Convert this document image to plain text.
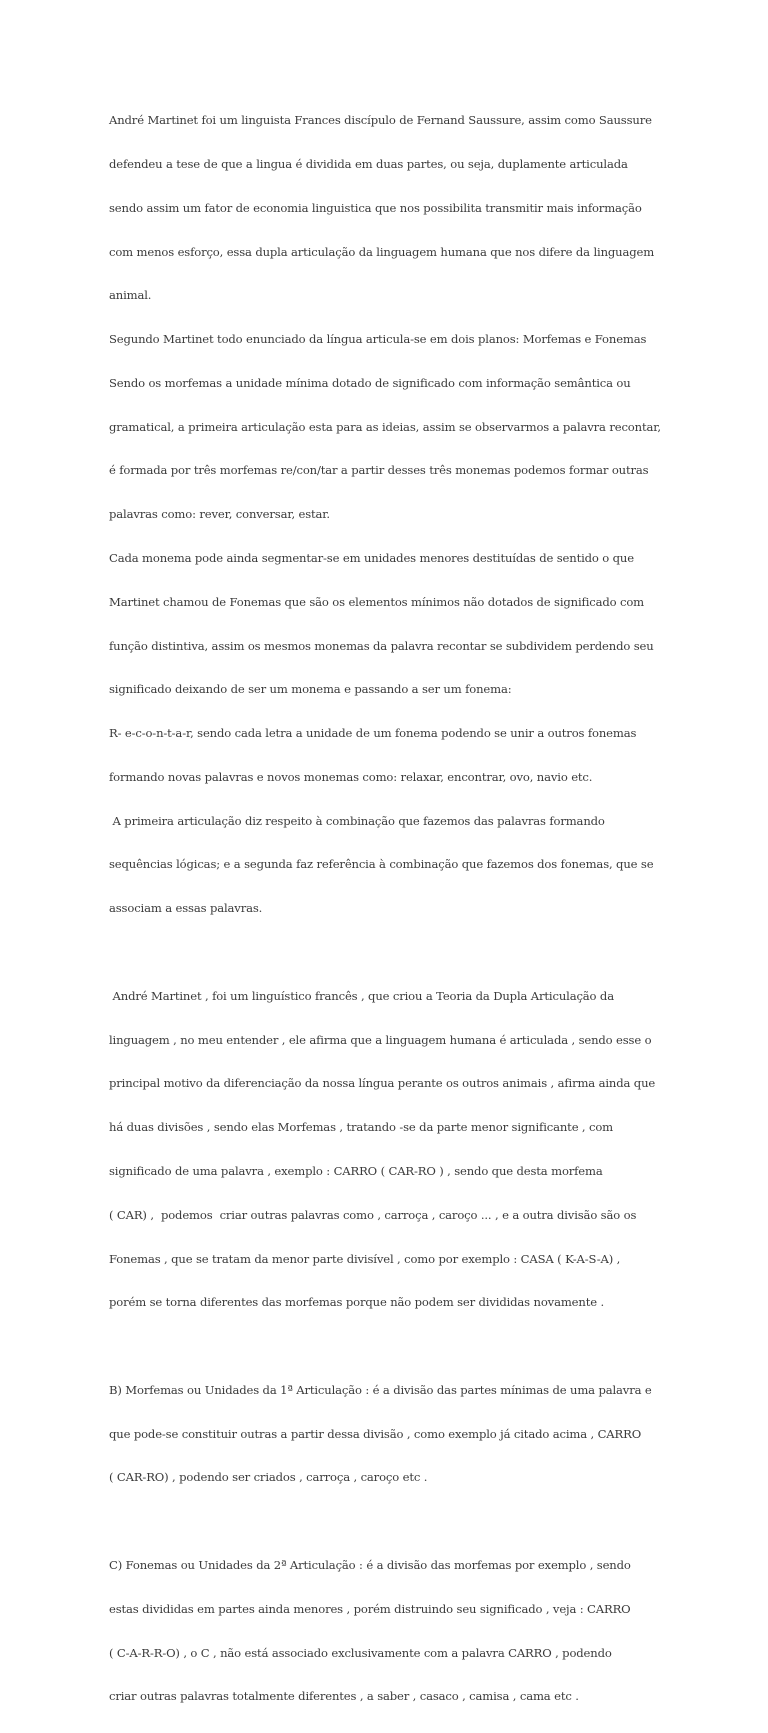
André Martinet foi um linguista Frances discípulo de Fernand Saussure, assim como Saussure

defendeu a tese de que a lingua é dividida em duas partes, ou seja, duplamente articulada

sendo assim um fator de economia linguistica que nos possibilita transmitir mais informação

com menos esforço, essa dupla articulação da linguagem humana que nos difere da linguagem

animal.

Segundo Martinet todo enunciado da língua articula-se em dois planos: Morfemas e Fonemas

Sendo os morfemas a unidade mínima dotado de significado com informação semântica ou

gramatical, a primeira articulação esta para as ideias, assim se observarmos a palavra recontar,

é formada por três morfemas re/con/tar a partir desses três monemas podemos formar outras

palavras como: rever, conversar, estar.

Cada monema pode ainda segmentar-se em unidades menores destituídas de sentido o que

Martinet chamou de Fonemas que são os elementos mínimos não dotados de significado com

função distintiva, assim os mesmos monemas da palavra recontar se subdividem perdendo seu

significado deixando de ser um monema e passando a ser um fonema:

R- e-c-o-n-t-a-r, sendo cada letra a unidade de um fonema podendo se unir a outros fonemas

formando novas palavras e novos monemas como: relaxar, encontrar, ovo, navio etc.

A primeira articulação diz respeito à combinação que fazemos das palavras formando

sequências lógicas; e a segunda faz referência à combinação que fazemos dos fonemas, que se

associam a essas palavras.

André Martinet , foi um linguístico francês , que criou a Teoria da Dupla Articulação da

linguagem , no meu entender , ele afirma que a linguagem humana é articulada , sendo esse o

principal motivo da diferenciação da nossa língua perante os outros animais , afirma ainda que

há duas divisões , sendo elas Morfemas , tratando -se da parte menor significante , com

significado de uma palavra , exemplo : CARRO ( CAR-RO ) , sendo que desta morfema

( CAR) ,  podemos  criar outras palavras como , carroça , caroço ... , e a outra divisão são os

Fonemas , que se tratam da menor parte divisível , como por exemplo : CASA ( K-A-S-A) ,

porém se torna diferentes das morfemas porque não podem ser divididas novamente .

B) Morfemas ou Unidades da 1ª Articulação : é a divisão das partes mínimas de uma palavra e

que pode-se constituir outras a partir dessa divisão , como exemplo já citado acima , CARRO

( CAR-RO) , podendo ser criados , carroça , caroço etc .

C) Fonemas ou Unidades da 2ª Articulação : é a divisão das morfemas por exemplo , sendo

estas divididas em partes ainda menores , porém distruindo seu significado , veja : CARRO

( C-A-R-R-O) , o C , não está associado exclusivamente com a palavra CARRO , podendo

criar outras palavras totalmente diferentes , a saber , casaco , camisa , cama etc .
